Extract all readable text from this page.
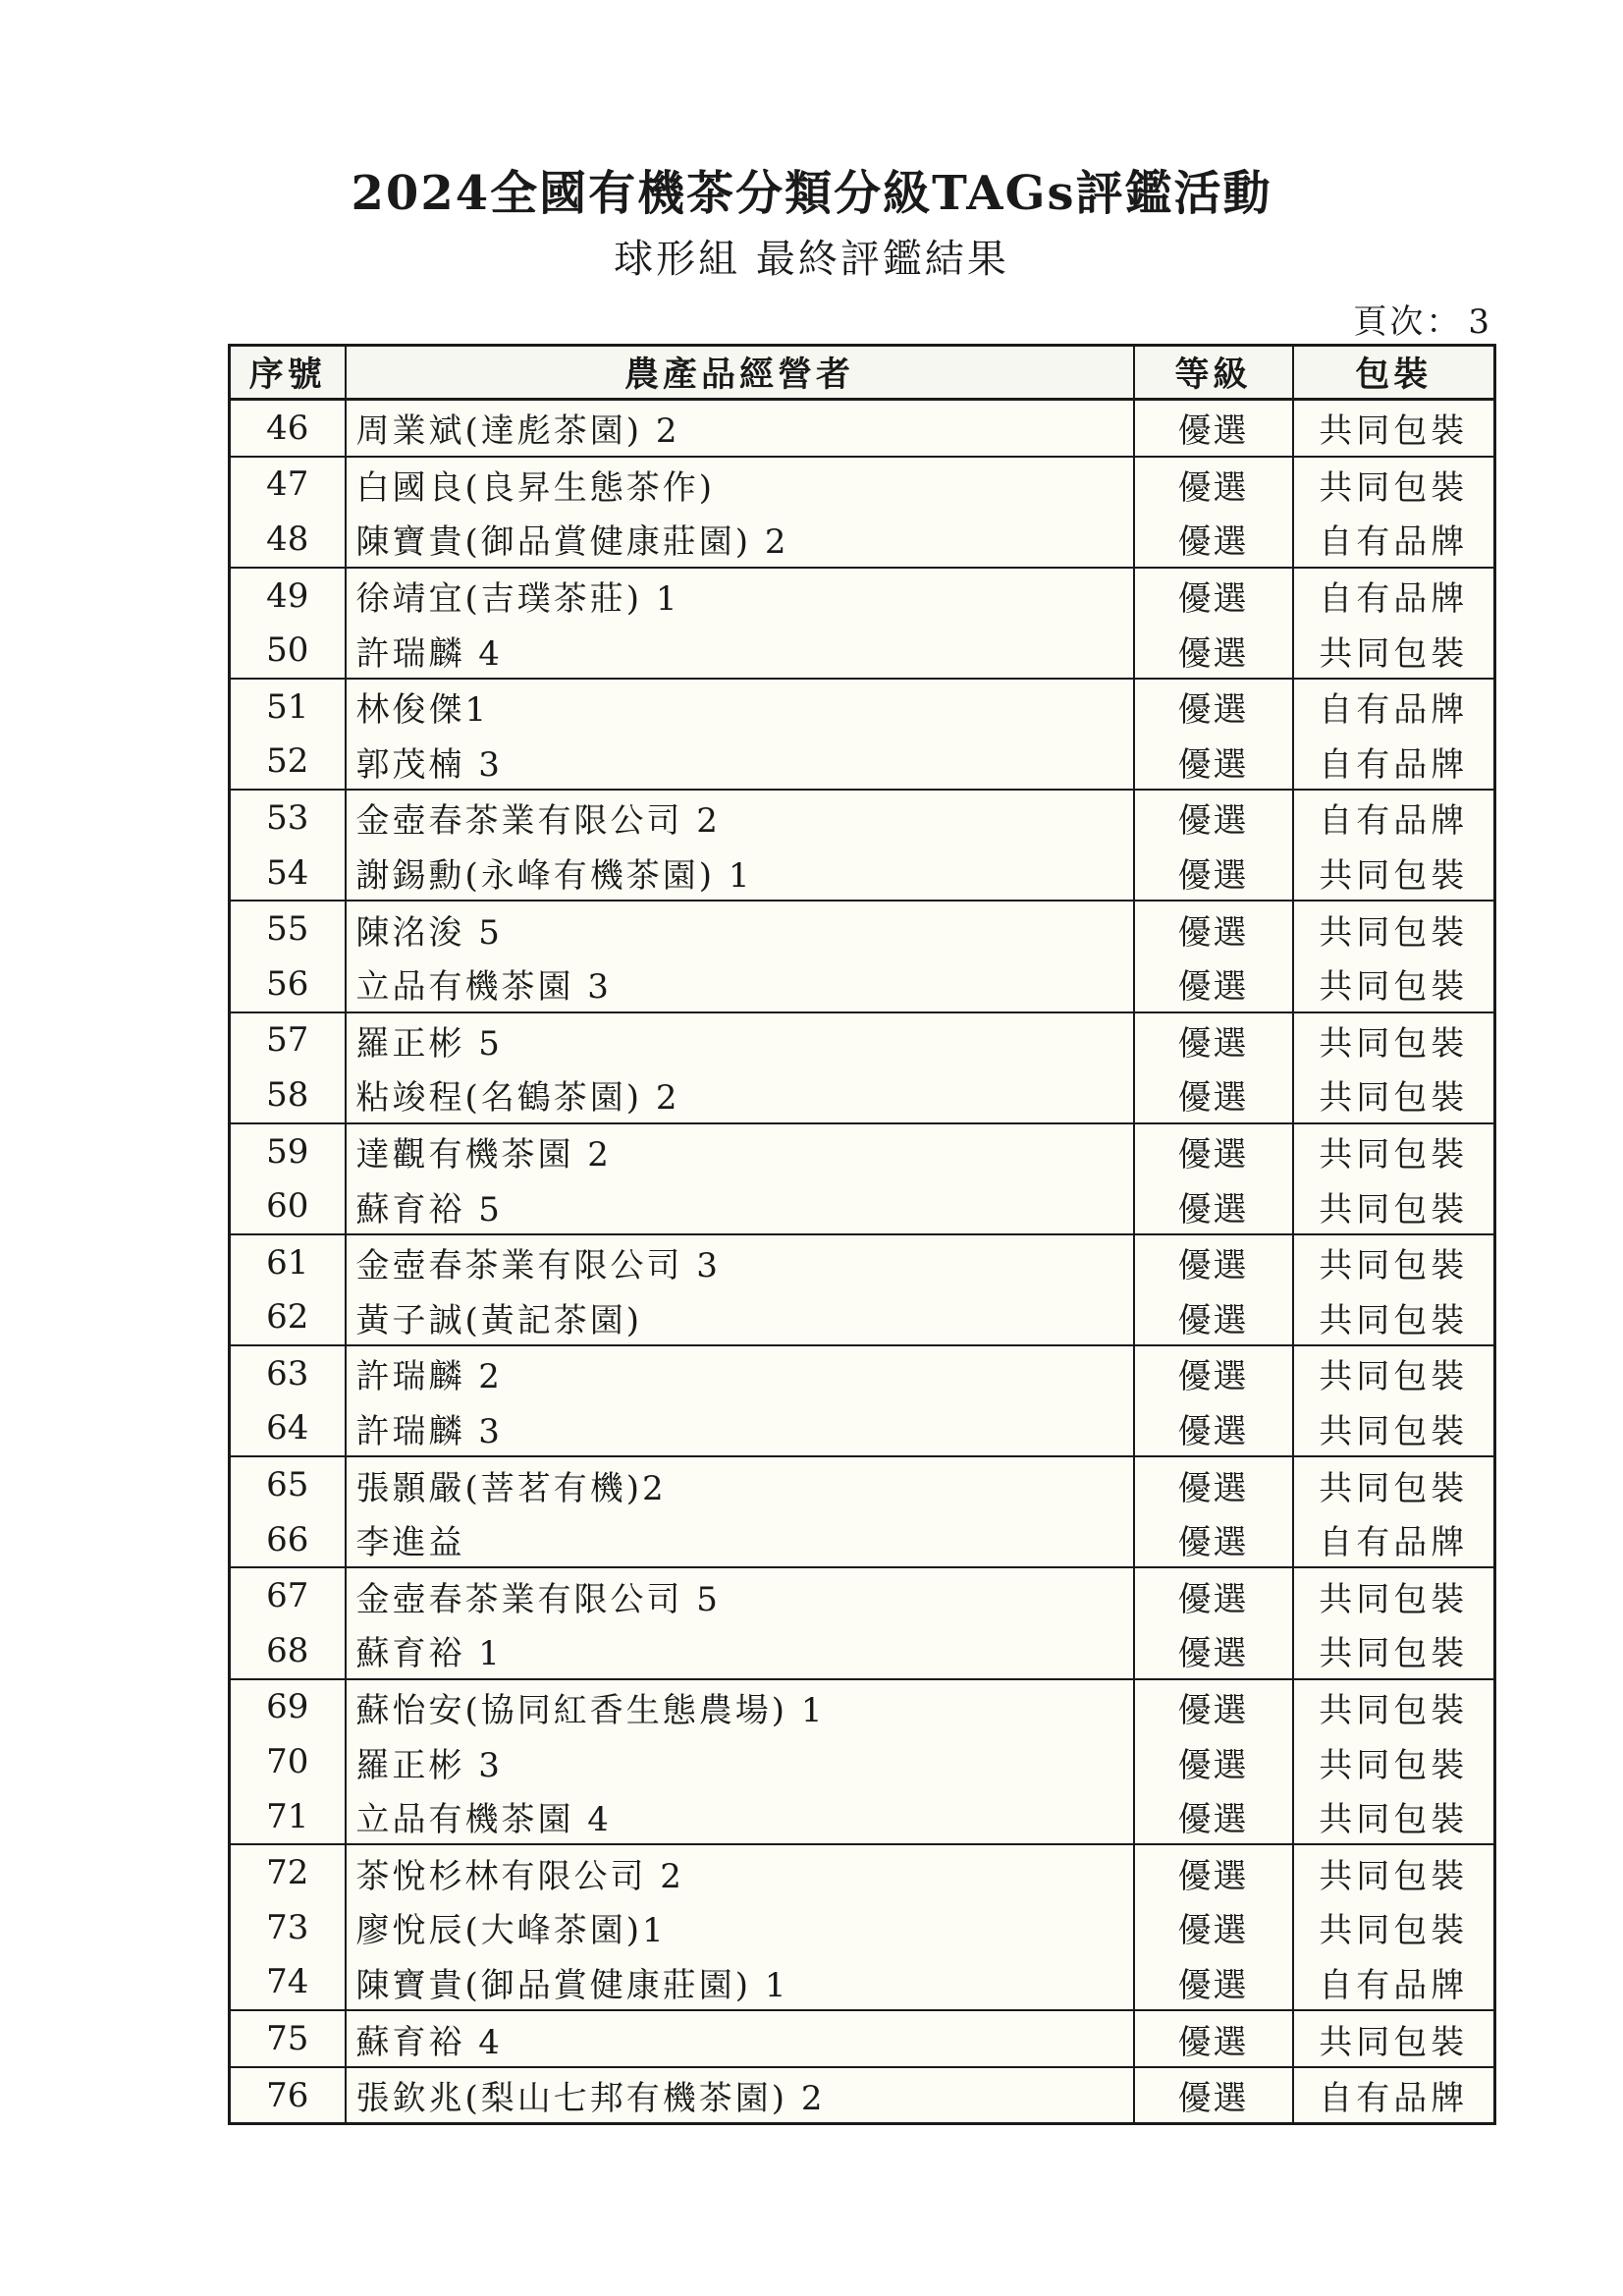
2024全國有機茶分類分級TAGs評鑑活動
球形組 最終評鑑結果
頁次： 3
序號	農產品經營者	等級	包裝
46	周業斌(達彪茶園) 2	優選	共同包裝
47	白國良(良昇生態茶作)	優選	共同包裝
48	陳寶貴(御品賞健康莊園) 2	優選	自有品牌
49	徐靖宜(吉璞茶莊) 1	優選	自有品牌
50	許瑞麟 4	優選	共同包裝
51	林俊傑1	優選	自有品牌
52	郭茂楠 3	優選	自有品牌
53	金壺春茶業有限公司 2	優選	自有品牌
54	謝錫勳(永峰有機茶園) 1	優選	共同包裝
55	陳洺浚 5	優選	共同包裝
56	立品有機茶園 3	優選	共同包裝
57	羅正彬 5	優選	共同包裝
58	粘竣程(名鶴茶園) 2	優選	共同包裝
59	達觀有機茶園 2	優選	共同包裝
60	蘇育裕 5	優選	共同包裝
61	金壺春茶業有限公司 3	優選	共同包裝
62	黃子誠(黃記茶園)	優選	共同包裝
63	許瑞麟 2	優選	共同包裝
64	許瑞麟 3	優選	共同包裝
65	張顥嚴(菩茗有機)2	優選	共同包裝
66	李進益	優選	自有品牌
67	金壺春茶業有限公司 5	優選	共同包裝
68	蘇育裕 1	優選	共同包裝
69	蘇怡安(協同紅香生態農場) 1	優選	共同包裝
70	羅正彬 3	優選	共同包裝
71	立品有機茶園 4	優選	共同包裝
72	茶悅杉林有限公司 2	優選	共同包裝
73	廖悅辰(大峰茶園)1	優選	共同包裝
74	陳寶貴(御品賞健康莊園) 1	優選	自有品牌
75	蘇育裕 4	優選	共同包裝
76	張欽兆(梨山七邦有機茶園) 2	優選	自有品牌
